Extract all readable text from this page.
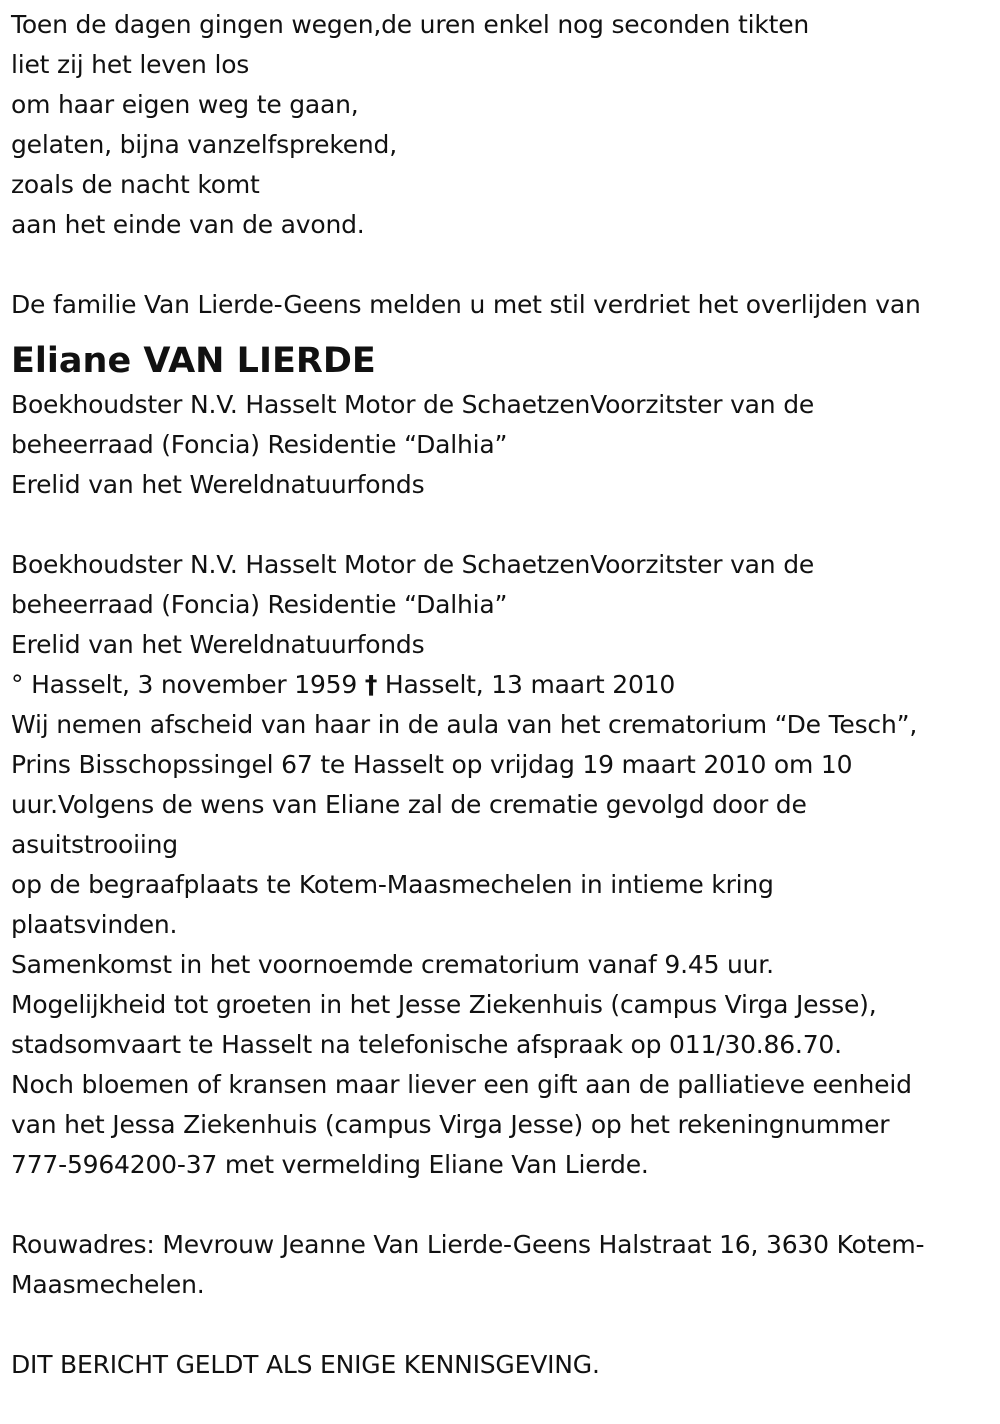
Toen de dagen gingen wegen,de uren enkel nog seconden tikten
liet zij het leven los
om haar eigen weg te gaan,
gelaten, bijna vanzelfsprekend,
zoals de nacht komt
aan het einde van de avond.
De familie Van Lierde-Geens melden u met stil verdriet het overlijden van
Eliane VAN LIERDE
Boekhoudster N.V. Hasselt Motor de SchaetzenVoorzitster van de
beheerraad (Foncia) Residentie “Dalhia”
Erelid van het Wereldnatuurfonds
Boekhoudster N.V. Hasselt Motor de SchaetzenVoorzitster van de
beheerraad (Foncia) Residentie “Dalhia”
Erelid van het Wereldnatuurfonds
° Hasselt, 3 november 1959 † Hasselt, 13 maart 2010
Wij nemen afscheid van haar in de aula van het crematorium “De Tesch”,
Prins Bisschopssingel 67 te Hasselt op vrijdag 19 maart 2010 om 10
uur.Volgens de wens van Eliane zal de crematie gevolgd door de
asuitstrooiing
op de begraafplaats te Kotem-Maasmechelen in intieme kring
plaatsvinden.
Samenkomst in het voornoemde crematorium vanaf 9.45 uur.
Mogelijkheid tot groeten in het Jesse Ziekenhuis (campus Virga Jesse),
stadsomvaart te Hasselt na telefonische afspraak op 011/30.86.70.
Noch bloemen of kransen maar liever een gift aan de palliatieve eenheid
van het Jessa Ziekenhuis (campus Virga Jesse) op het rekeningnummer
777-5964200-37 met vermelding Eliane Van Lierde.
Rouwadres: Mevrouw Jeanne Van Lierde-Geens Halstraat 16, 3630 Kotem-
Maasmechelen.
DIT BERICHT GELDT ALS ENIGE KENNISGEVING.
